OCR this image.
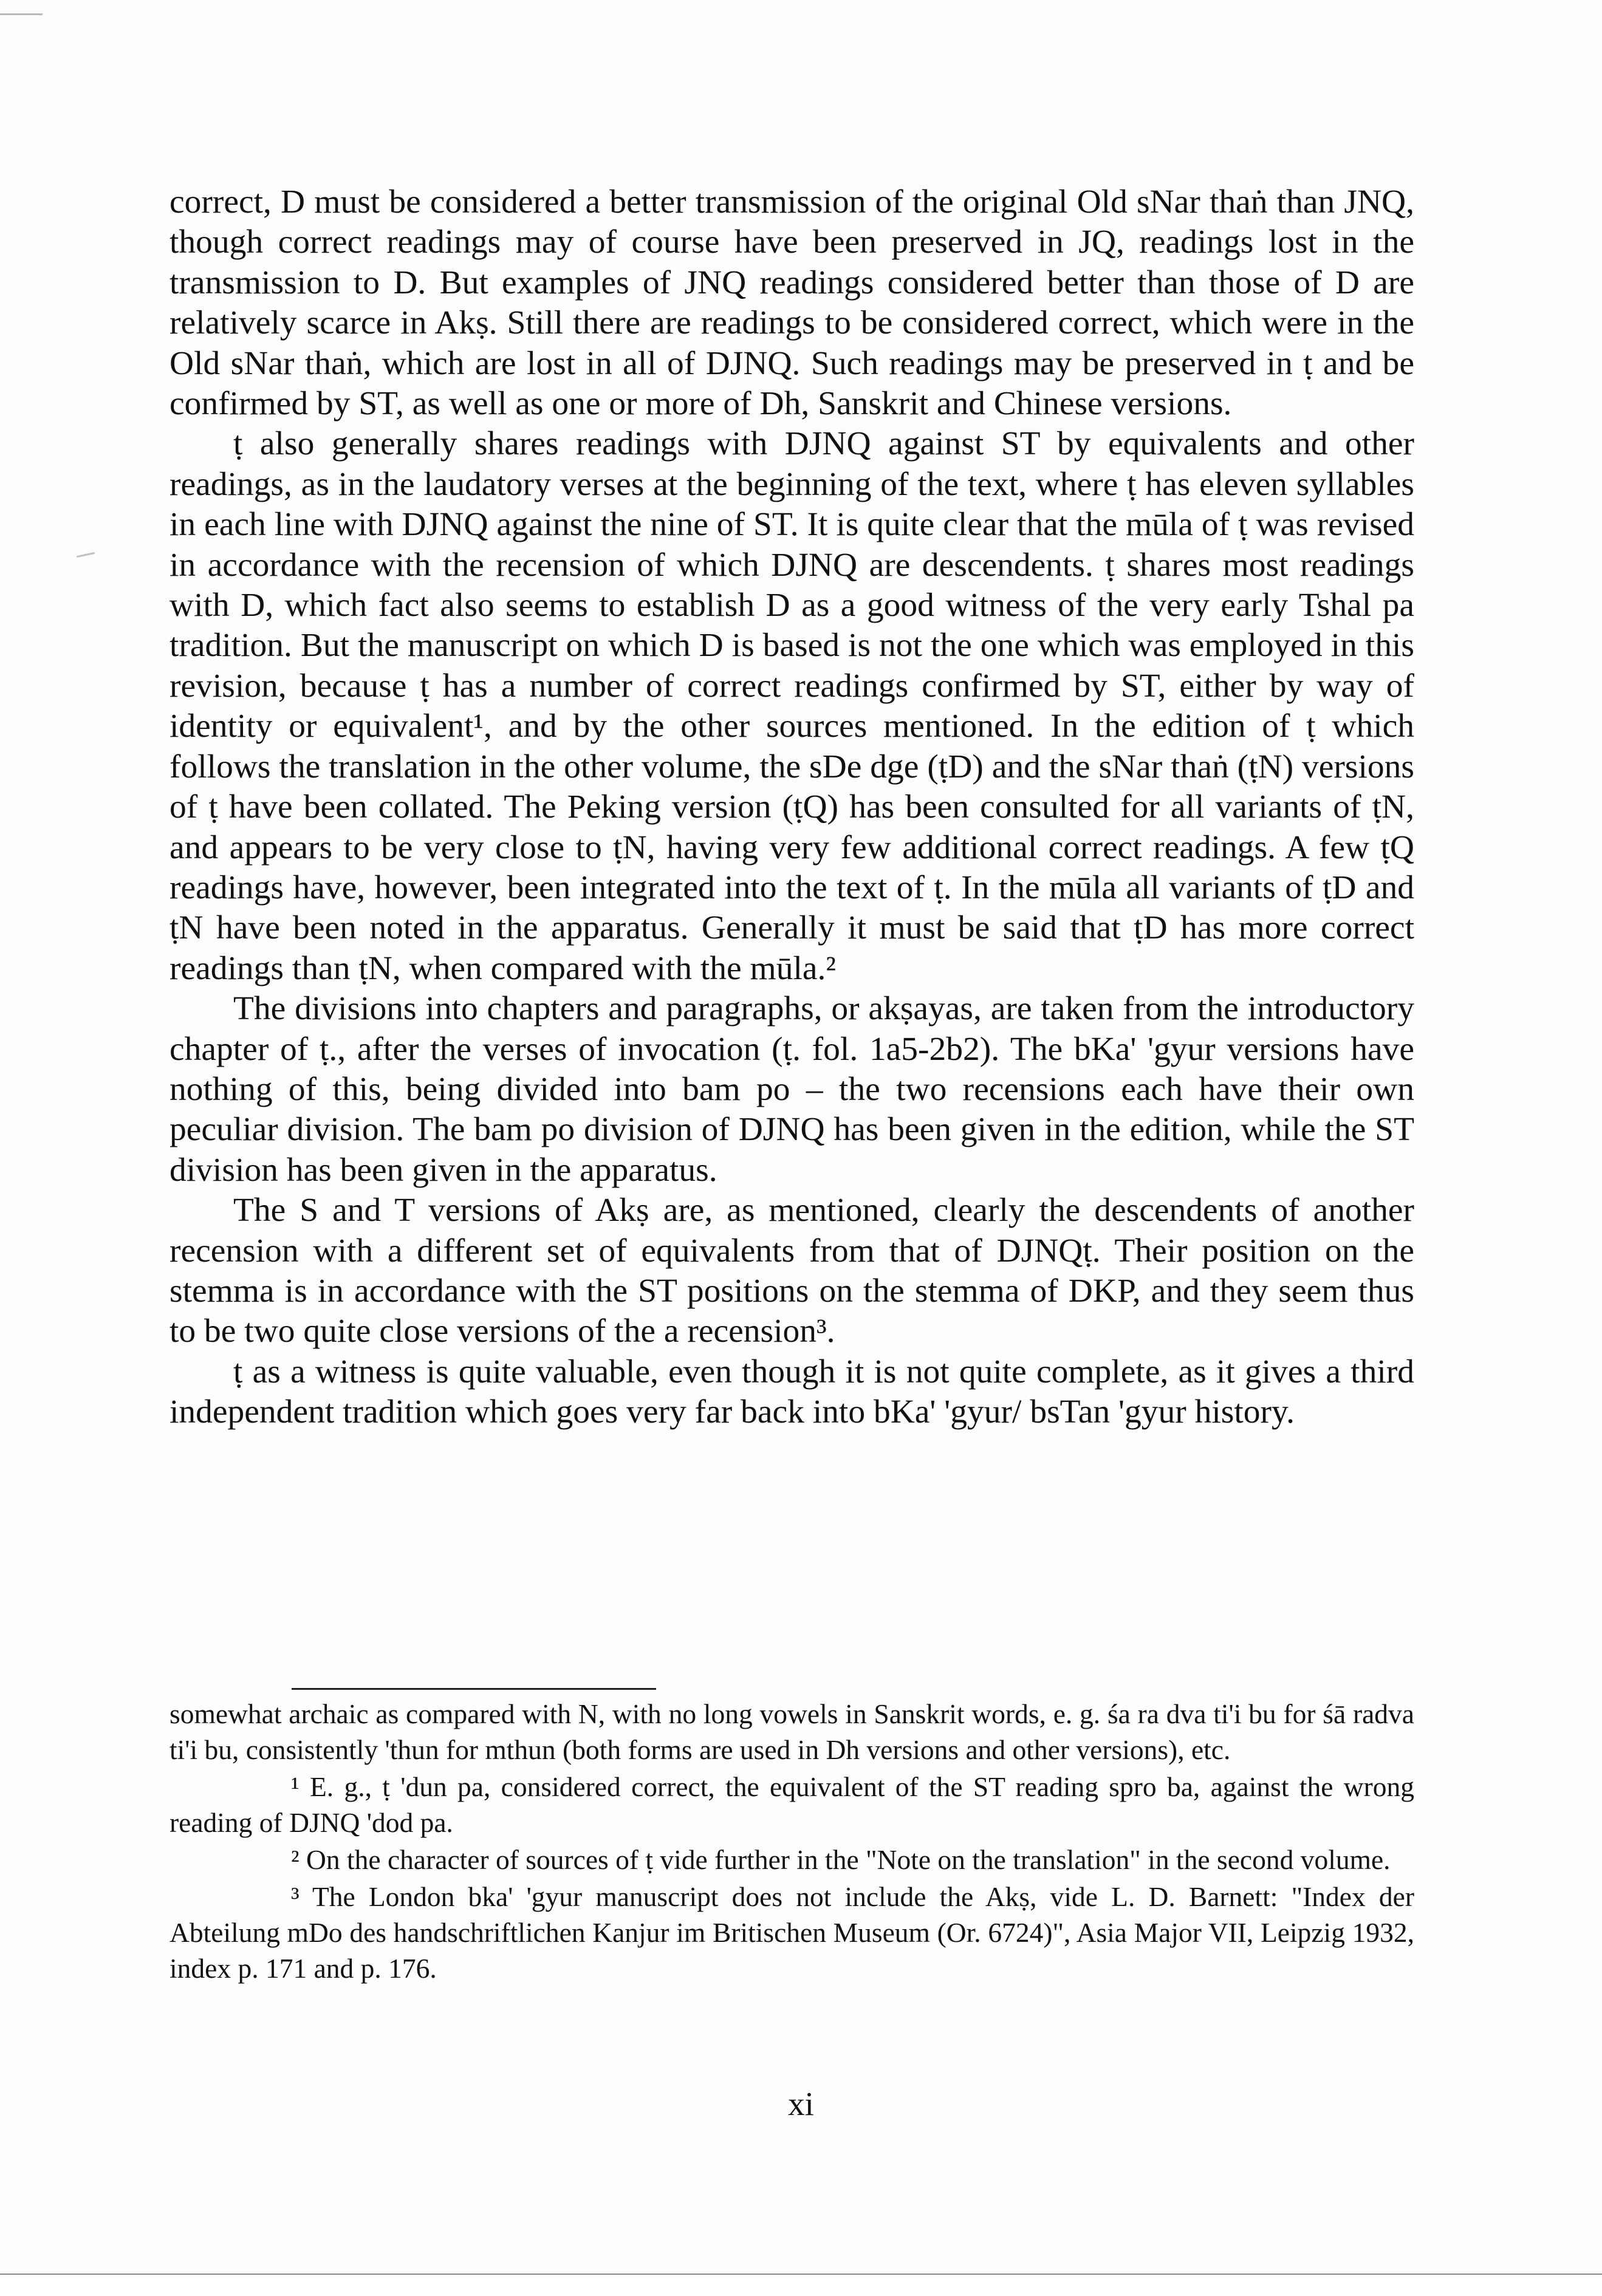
correct, D must be considered a better transmission of the original Old sNar thaṅ than JNQ, though correct readings may of course have been preserved in JQ, readings lost in the transmission to D. But examples of JNQ readings considered better than those of D are relatively scarce in Akṣ. Still there are readings to be considered correct, which were in the Old sNar thaṅ, which are lost in all of DJNQ. Such readings may be preserved in ṭ and be confirmed by ST, as well as one or more of Dh, Sanskrit and Chinese versions.

ṭ also generally shares readings with DJNQ against ST by equivalents and other readings, as in the laudatory verses at the beginning of the text, where ṭ has eleven syllables in each line with DJNQ against the nine of ST. It is quite clear that the mūla of ṭ was revised in accordance with the recension of which DJNQ are descendents. ṭ shares most readings with D, which fact also seems to establish D as a good witness of the very early Tshal pa tradition. But the manuscript on which D is based is not the one which was employed in this revision, because ṭ has a number of correct readings confirmed by ST, either by way of identity or equivalent¹, and by the other sources mentioned. In the edition of ṭ which follows the translation in the other volume, the sDe dge (ṭD) and the sNar thaṅ (ṭN) versions of ṭ have been collated. The Peking version (ṭQ) has been consulted for all variants of ṭN, and appears to be very close to ṭN, having very few additional correct readings. A few ṭQ readings have, however, been integrated into the text of ṭ. In the mūla all variants of ṭD and ṭN have been noted in the apparatus. Generally it must be said that ṭD has more correct readings than ṭN, when compared with the mūla.²

The divisions into chapters and paragraphs, or akṣayas, are taken from the introductory chapter of ṭ., after the verses of invocation (ṭ. fol. 1a5-2b2). The bKa' 'gyur versions have nothing of this, being divided into bam po – the two recensions each have their own peculiar division. The bam po division of DJNQ has been given in the edition, while the ST division has been given in the apparatus.

The S and T versions of Akṣ are, as mentioned, clearly the descendents of another recension with a different set of equivalents from that of DJNQṭ. Their position on the stemma is in accordance with the ST positions on the stemma of DKP, and they seem thus to be two quite close versions of the a recension³.

ṭ as a witness is quite valuable, even though it is not quite complete, as it gives a third independent tradition which goes very far back into bKa' 'gyur/ bsTan 'gyur history.

somewhat archaic as compared with N, with no long vowels in Sanskrit words, e. g. śa ra dva ti'i bu for śā radva ti'i bu, consistently 'thun for mthun (both forms are used in Dh versions and other versions), etc.

¹ E. g., ṭ 'dun pa, considered correct, the equivalent of the ST reading spro ba, against the wrong reading of DJNQ 'dod pa.

² On the character of sources of ṭ vide further in the "Note on the translation" in the second volume.

³ The London bka' 'gyur manuscript does not include the Akṣ, vide L. D. Barnett: "Index der Abteilung mDo des handschriftlichen Kanjur im Britischen Museum (Or. 6724)", Asia Major VII, Leipzig 1932, index p. 171 and p. 176.

xi
